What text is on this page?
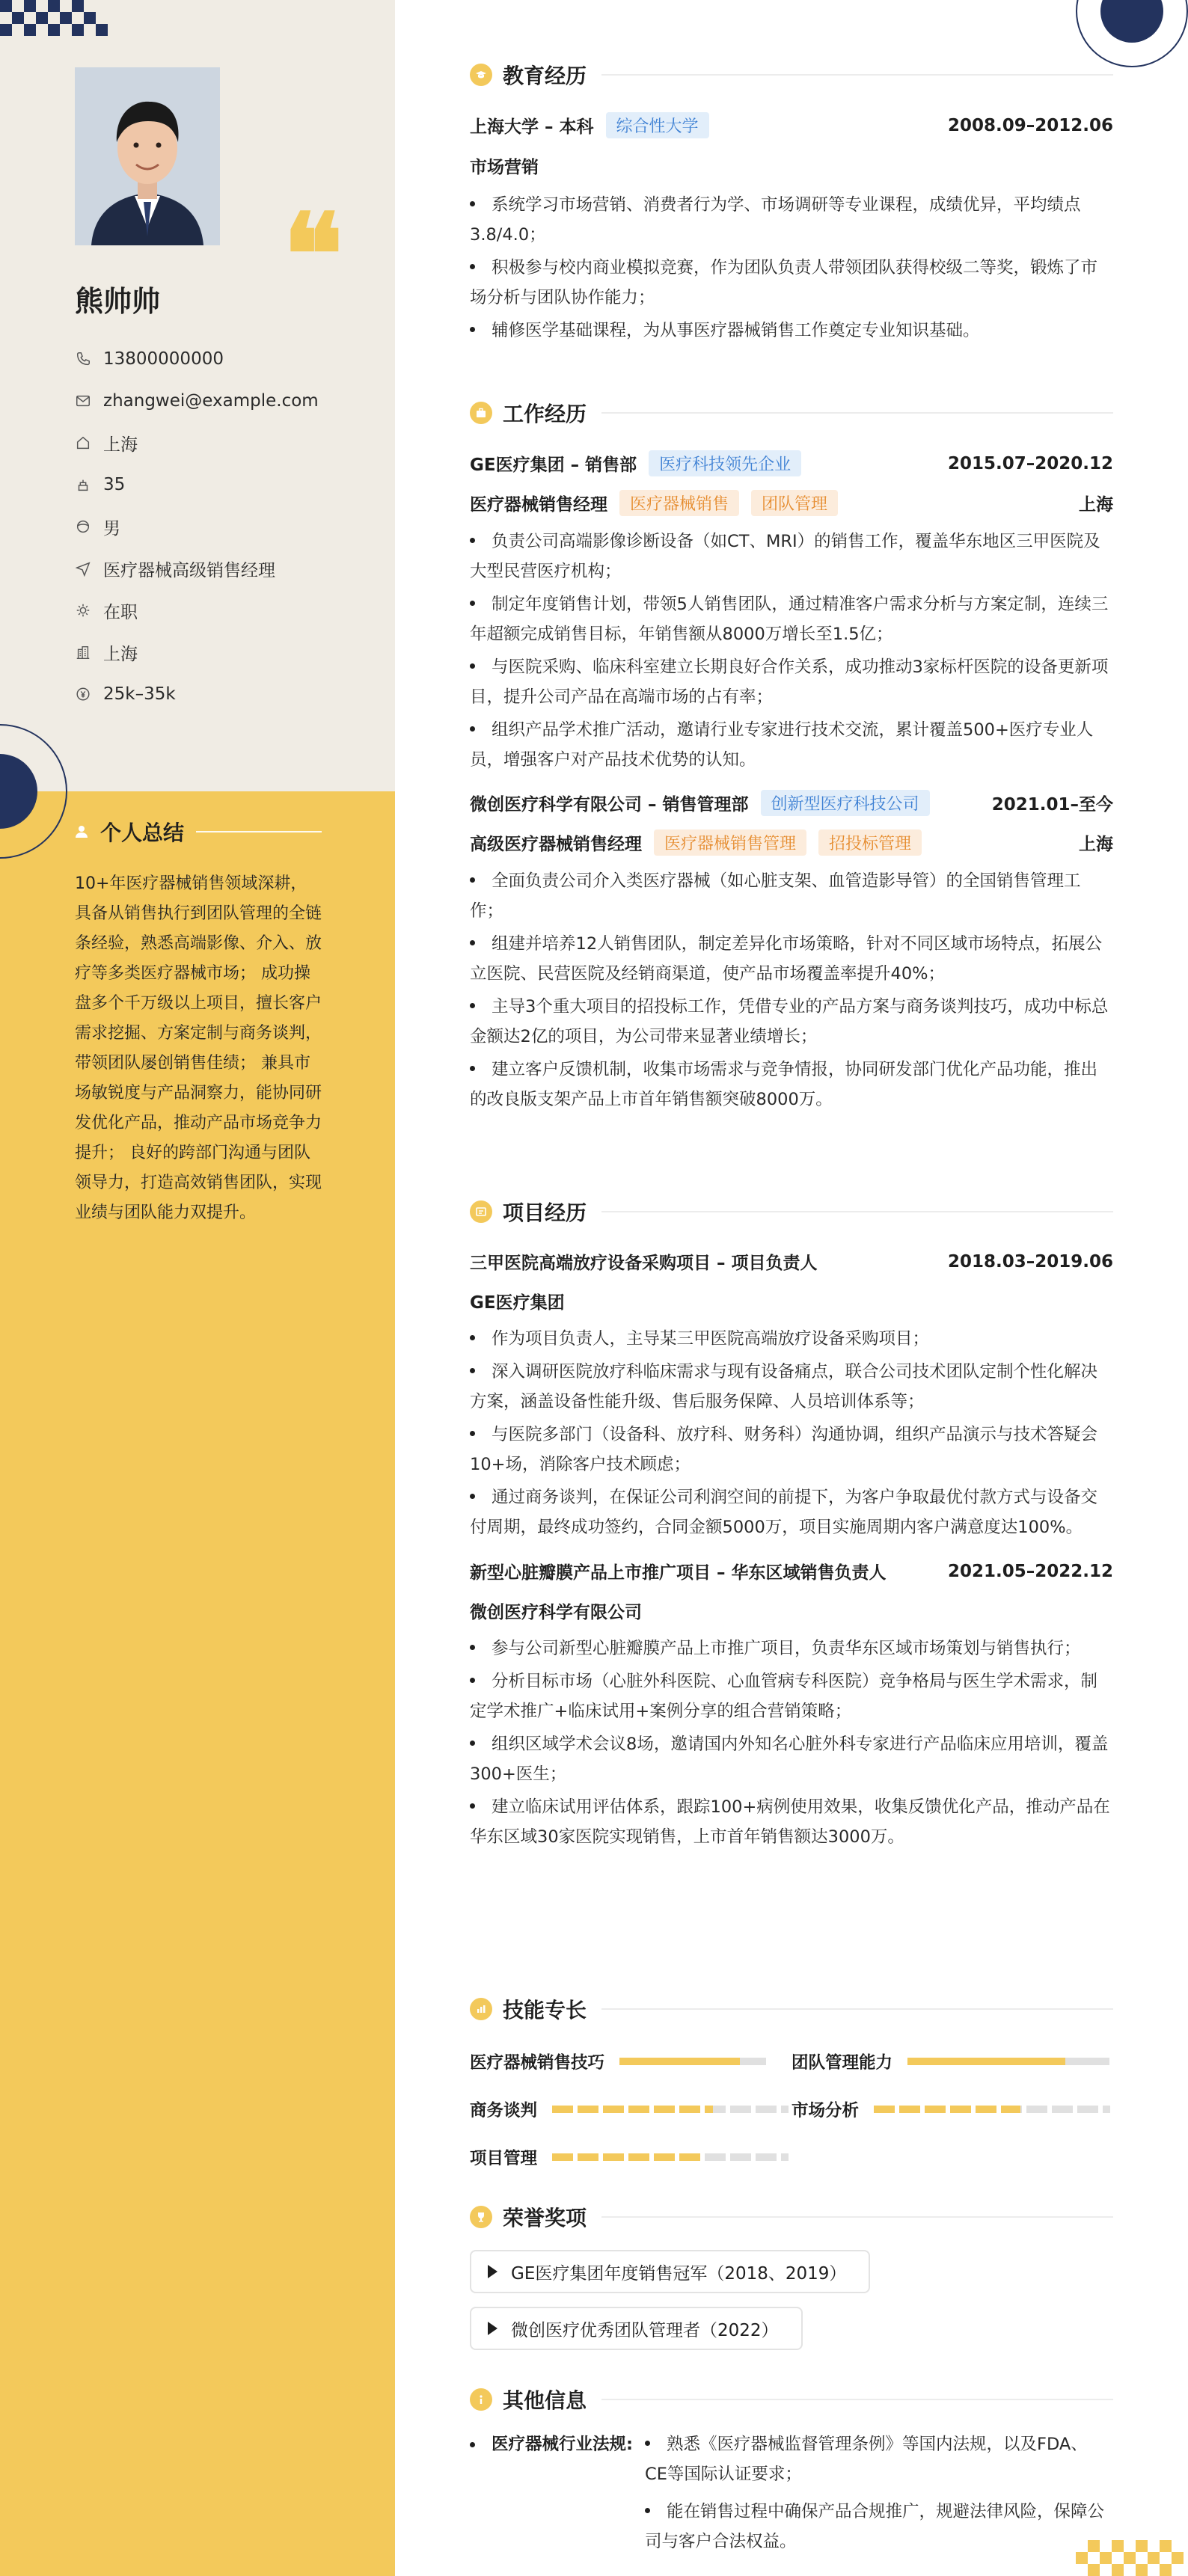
❝
熊帅帅
13800000000
zhangwei@example.com
上海
35
男
医疗器械高级销售经理
在职
上海
25k–35k
个人总结
10+年医疗器械销售领域深耕，具备从销售执行到团队管理的全链条经验，熟悉高端影像、介入、放疗等多类医疗器械市场； 成功操盘多个千万级以上项目，擅长客户需求挖掘、方案定制与商务谈判，带领团队屡创销售佳绩； 兼具市场敏锐度与产品洞察力，能协同研发优化产品，推动产品市场竞争力提升； 良好的跨部门沟通与团队领导力，打造高效销售团队，实现业绩与团队能力双提升。
教育经历
上海大学 – 本科	综合性大学	2008.09–2012.06
市场营销
系统学习市场营销、消费者行为学、市场调研等专业课程，成绩优异，平均绩点3.8/4.0；
积极参与校内商业模拟竞赛，作为团队负责人带领团队获得校级二等奖，锻炼了市场分析与团队协作能力；
辅修医学基础课程，为从事医疗器械销售工作奠定专业知识基础。
工作经历
GE医疗集团 – 销售部	医疗科技领先企业	2015.07–2020.12
医疗器械销售经理	医疗器械销售	团队管理	上海
负责公司高端影像诊断设备（如CT、MRI）的销售工作，覆盖华东地区三甲医院及大型民营医疗机构；
制定年度销售计划，带领5人销售团队，通过精准客户需求分析与方案定制，连续三年超额完成销售目标，年销售额从8000万增长至1.5亿；
与医院采购、临床科室建立长期良好合作关系，成功推动3家标杆医院的设备更新项目，提升公司产品在高端市场的占有率；
组织产品学术推广活动，邀请行业专家进行技术交流，累计覆盖500+医疗专业人员，增强客户对产品技术优势的认知。
微创医疗科学有限公司 – 销售管理部	创新型医疗科技公司	2021.01–至今
高级医疗器械销售经理	医疗器械销售管理	招投标管理	上海
全面负责公司介入类医疗器械（如心脏支架、血管造影导管）的全国销售管理工作；
组建并培养12人销售团队，制定差异化市场策略，针对不同区域市场特点，拓展公立医院、民营医院及经销商渠道，使产品市场覆盖率提升40%；
主导3个重大项目的招投标工作，凭借专业的产品方案与商务谈判技巧，成功中标总金额达2亿的项目，为公司带来显著业绩增长；
建立客户反馈机制，收集市场需求与竞争情报，协同研发部门优化产品功能，推出的改良版支架产品上市首年销售额突破8000万。
项目经历
三甲医院高端放疗设备采购项目 – 项目负责人	2018.03–2019.06
GE医疗集团
作为项目负责人，主导某三甲医院高端放疗设备采购项目；
深入调研医院放疗科临床需求与现有设备痛点，联合公司技术团队定制个性化解决方案，涵盖设备性能升级、售后服务保障、人员培训体系等；
与医院多部门（设备科、放疗科、财务科）沟通协调，组织产品演示与技术答疑会10+场，消除客户技术顾虑；
通过商务谈判，在保证公司利润空间的前提下，为客户争取最优付款方式与设备交付周期，最终成功签约，合同金额5000万，项目实施周期内客户满意度达100%。
新型心脏瓣膜产品上市推广项目 – 华东区域销售负责人	2021.05–2022.12
微创医疗科学有限公司
参与公司新型心脏瓣膜产品上市推广项目，负责华东区域市场策划与销售执行；
分析目标市场（心脏外科医院、心血管病专科医院）竞争格局与医生学术需求，制定学术推广+临床试用+案例分享的组合营销策略；
组织区域学术会议8场，邀请国内外知名心脏外科专家进行产品临床应用培训，覆盖300+医生；
建立临床试用评估体系，跟踪100+病例使用效果，收集反馈优化产品，推动产品在华东区域30家医院实现销售，上市首年销售额达3000万。
技能专长
医疗器械销售技巧	团队管理能力
商务谈判	市场分析
项目管理
荣誉奖项
GE医疗集团年度销售冠军（2018、2019）
微创医疗优秀团队管理者（2022）
其他信息
医疗器械行业法规:	熟悉《医疗器械监督管理条例》等国内法规，以及FDA、CE等国际认证要求；
能在销售过程中确保产品合规推广，规避法律风险，保障公司与客户合法权益。
